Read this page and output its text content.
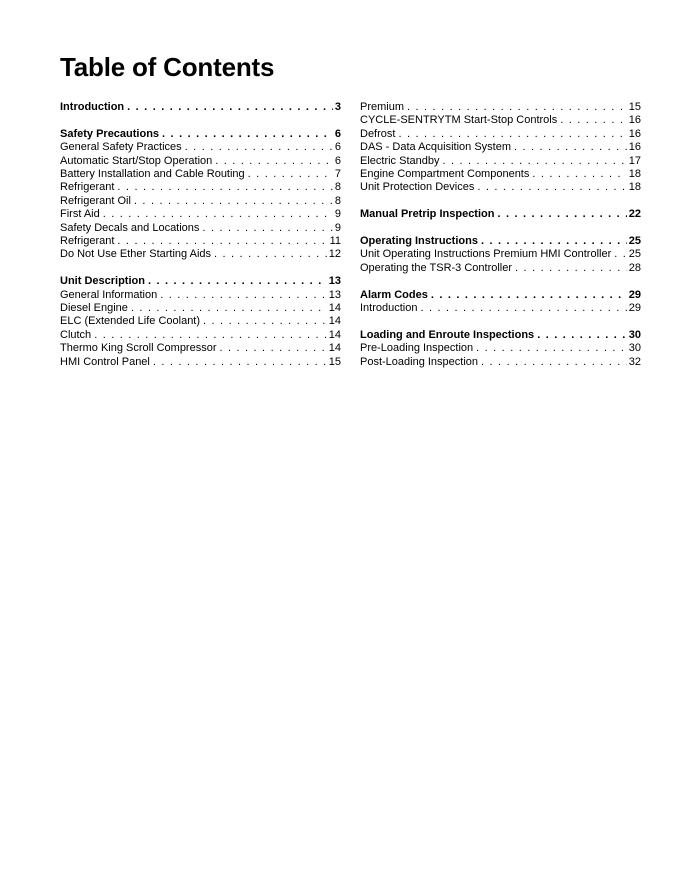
Table of Contents
Introduction . . .	3
Safety Precautions . . .	6
General Safety Practices . . .	6
Automatic Start/Stop Operation . . .	6
Battery Installation and Cable Routing . . .	7
Refrigerant . . .	8
Refrigerant Oil . . .	8
First Aid . . .	9
Safety Decals and Locations . . .	9
Refrigerant . . .	11
Do Not Use Ether Starting Aids . . .	12
Unit Description . . .	13
General Information . . .	13
Diesel Engine . . .	14
ELC (Extended Life Coolant) . . .	14
Clutch . . .	14
Thermo King Scroll Compressor . . .	14
HMI Control Panel . . .	15
Premium . . .	15
CYCLE-SENTRYTM Start-Stop Controls . . .	16
Defrost . . .	16
DAS - Data Acquisition System . . .	16
Electric Standby . . .	17
Engine Compartment Components . . .	18
Unit Protection Devices . . .	18
Manual Pretrip Inspection . . .	22
Operating Instructions . . .	25
Unit Operating Instructions Premium HMI Controller . . . 25
Operating the TSR-3 Controller . . .	28
Alarm Codes . . .	29
Introduction . . .	29
Loading and Enroute Inspections . . .	30
Pre-Loading Inspection . . .	30
Post-Loading Inspection . . .	32
